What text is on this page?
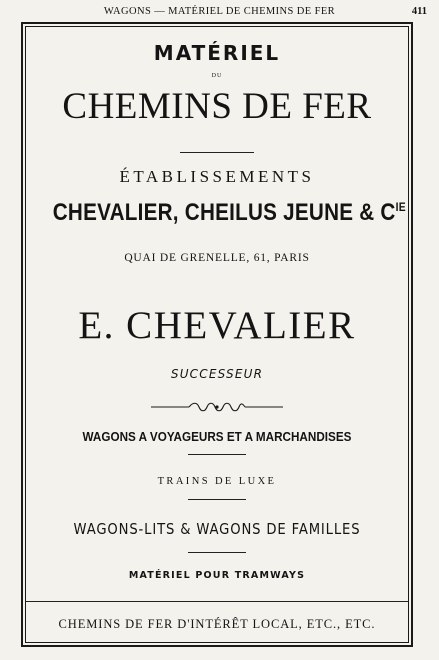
WAGONS — MATÉRIEL DE CHEMINS DE FER	411
MATÉRIEL
DU
CHEMINS DE FER
ÉTABLISSEMENTS
CHEVALIER, CHEILUS JEUNE & $C^{IE}$
QUAI DE GRENELLE, 61, PARIS
E. CHEVALIER
SUCCESSEUR
WAGONS A VOYAGEURS ET A MARCHANDISES
TRAINS DE LUXE
WAGONS-LITS & WAGONS DE FAMILLES
MATÉRIEL POUR TRAMWAYS
CHEMINS DE FER D'INTÉRÊT LOCAL, ETC., ETC.
